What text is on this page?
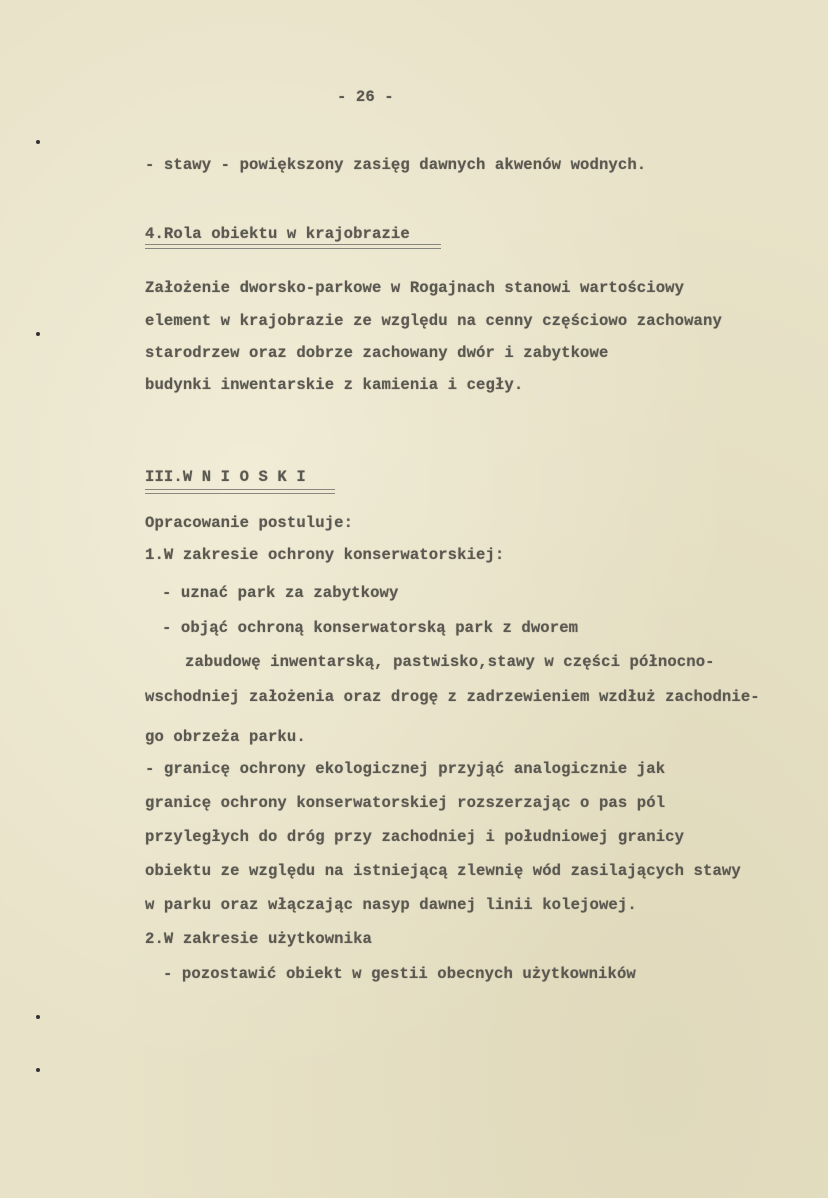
- 26 -
- stawy - powiększony zasięg dawnych akwenów wodnych.
4.Rola obiektu w krajobrazie
Założenie dworsko-parkowe w Rogajnach stanowi wartościowy
element w krajobrazie ze względu na cenny częściowo zachowany
starodrzew oraz dobrze zachowany dwór i zabytkowe
budynki inwentarskie z kamienia i cegły.
III.W N I O S K I
Opracowanie postuluje:
1.W zakresie ochrony konserwatorskiej:
- uznać park za zabytkowy
- objąć ochroną konserwatorską park z dworem
zabudowę inwentarską, pastwisko,stawy w części północno-
wschodniej założenia oraz drogę z zadrzewieniem wzdłuż zachodnie-
go obrzeża parku.
- granicę ochrony ekologicznej przyjąć analogicznie jak
granicę ochrony konserwatorskiej rozszerzając o pas pól
przyległych do dróg przy zachodniej i południowej granicy
obiektu ze względu na istniejącą zlewnię wód zasilających stawy
w parku oraz włączając nasyp dawnej linii kolejowej.
2.W zakresie użytkownika
- pozostawić obiekt w gestii obecnych użytkowników
